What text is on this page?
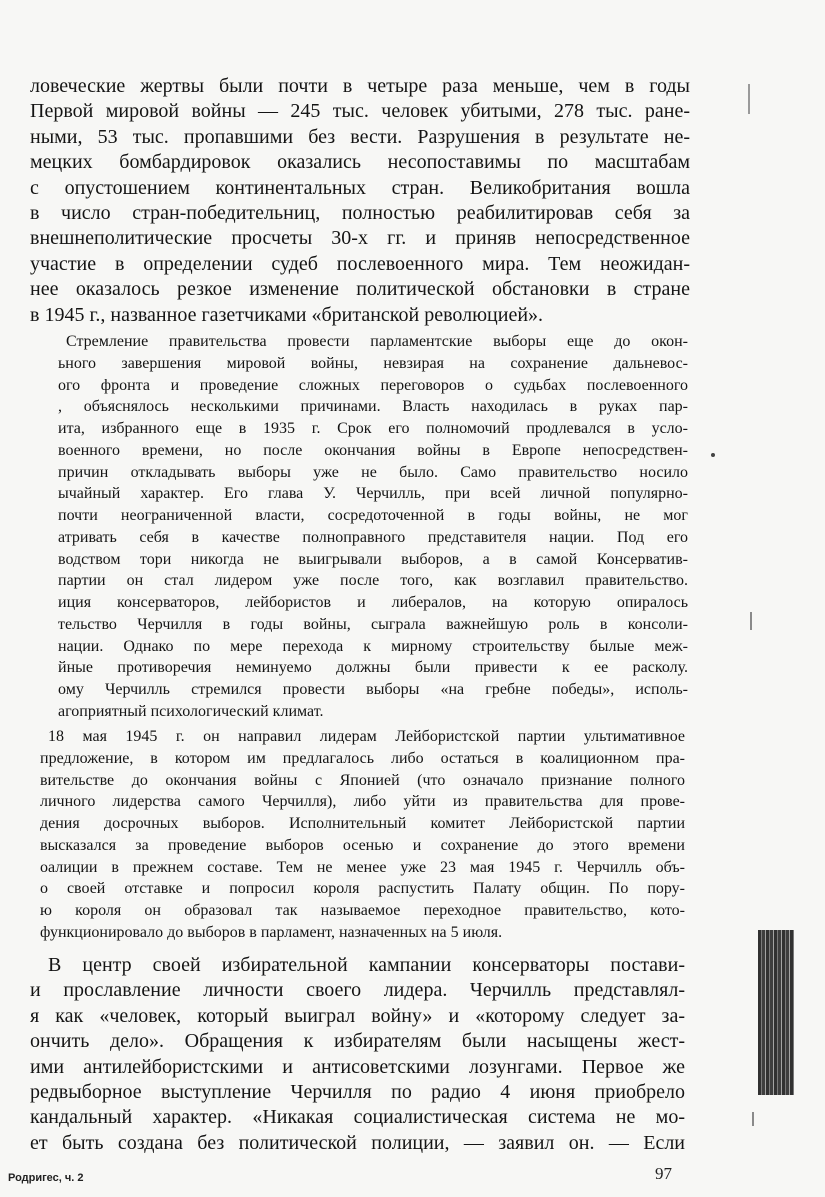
ловеческие жертвы были почти в четыре раза меньше, чем в годы
Первой мировой войны — 245 тыс. человек убитыми, 278 тыс. ране-
ными, 53 тыс. пропавшими без вести. Разрушения в результате не-
мецких бомбардировок оказались несопоставимы по масштабам
с опустошением континентальных стран. Великобритания вошла
в число стран-победительниц, полностью реабилитировав себя за
внешнеполитические просчеты 30-х гг. и приняв непосредственное
участие в определении судеб послевоенного мира. Тем неожидан-
нее оказалось резкое изменение политической обстановки в стране
в 1945 г., названное газетчиками «британской революцией».
Стремление правительства провести парламентские выборы еще до окон-
ьного завершения мировой войны, невзирая на сохранение дальневос-
ого фронта и проведение сложных переговоров о судьбах послевоенного
, объяснялось несколькими причинами. Власть находилась в руках пар-
ита, избранного еще в 1935 г. Срок его полномочий продлевался в усло-
военного времени, но после окончания войны в Европе непосредствен-
причин откладывать выборы уже не было. Само правительство носило
ычайный характер. Его глава У. Черчилль, при всей личной популярно-
почти неограниченной власти, сосредоточенной в годы войны, не мог
атривать себя в качестве полноправного представителя нации. Под его
водством тори никогда не выигрывали выборов, а в самой Консерватив-
партии он стал лидером уже после того, как возглавил правительство.
иция консерваторов, лейбористов и либералов, на которую опиралось
тельство Черчилля в годы войны, сыграла важнейшую роль в консоли-
нации. Однако по мере перехода к мирному строительству былые меж-
йные противоречия неминуемо должны были привести к ее расколу.
ому Черчилль стремился провести выборы «на гребне победы», исполь-
агоприятный психологический климат.
18 мая 1945 г. он направил лидерам Лейбористской партии ультимативное
предложение, в котором им предлагалось либо остаться в коалиционном пра-
вительстве до окончания войны с Японией (что означало признание полного
личного лидерства самого Черчилля), либо уйти из правительства для прове-
дения досрочных выборов. Исполнительный комитет Лейбористской партии
высказался за проведение выборов осенью и сохранение до этого времени
оалиции в прежнем составе. Тем не менее уже 23 мая 1945 г. Черчилль объ-
о своей отставке и попросил короля распустить Палату общин. По пору-
ю короля он образовал так называемое переходное правительство, кото-
функционировало до выборов в парламент, назначенных на 5 июля.
В центр своей избирательной кампании консерваторы постави-
и прославление личности своего лидера. Черчилль представлял-
я как «человек, который выиграл войну» и «которому следует за-
ончить дело». Обращения к избирателям были насыщены жест-
ими антилейбористскими и антисоветскими лозунгами. Первое же
редвыборное выступление Черчилля по радио 4 июня приобрело
кандальный характер. «Никакая социалистическая система не мо-
ет быть создана без политической полиции, — заявил он. — Если
Родригес, ч. 2	97
